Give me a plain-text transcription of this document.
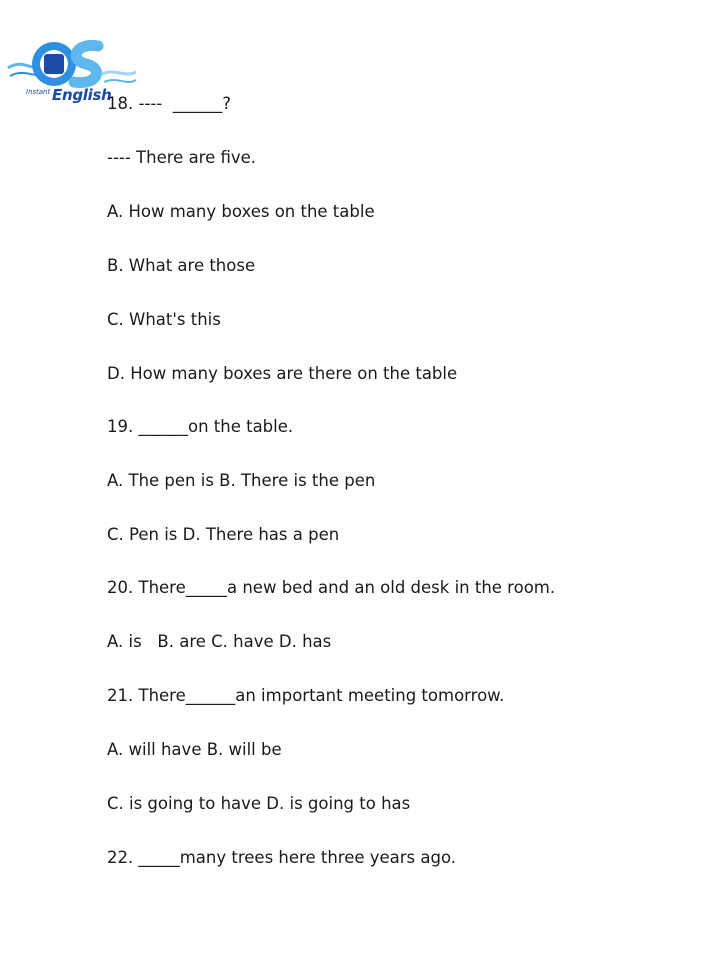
Instant English
18. ----  ______?
---- There are five.
A. How many boxes on the table
B. What are those
C. What's this
D. How many boxes are there on the table
19. ______on the table.
A. The pen is B. There is the pen
C. Pen is D. There has a pen
20. There_____a new bed and an old desk in the room.
A. is   B. are C. have D. has
21. There______an important meeting tomorrow.
A. will have B. will be
C. is going to have D. is going to has
22. _____many trees here three years ago.
